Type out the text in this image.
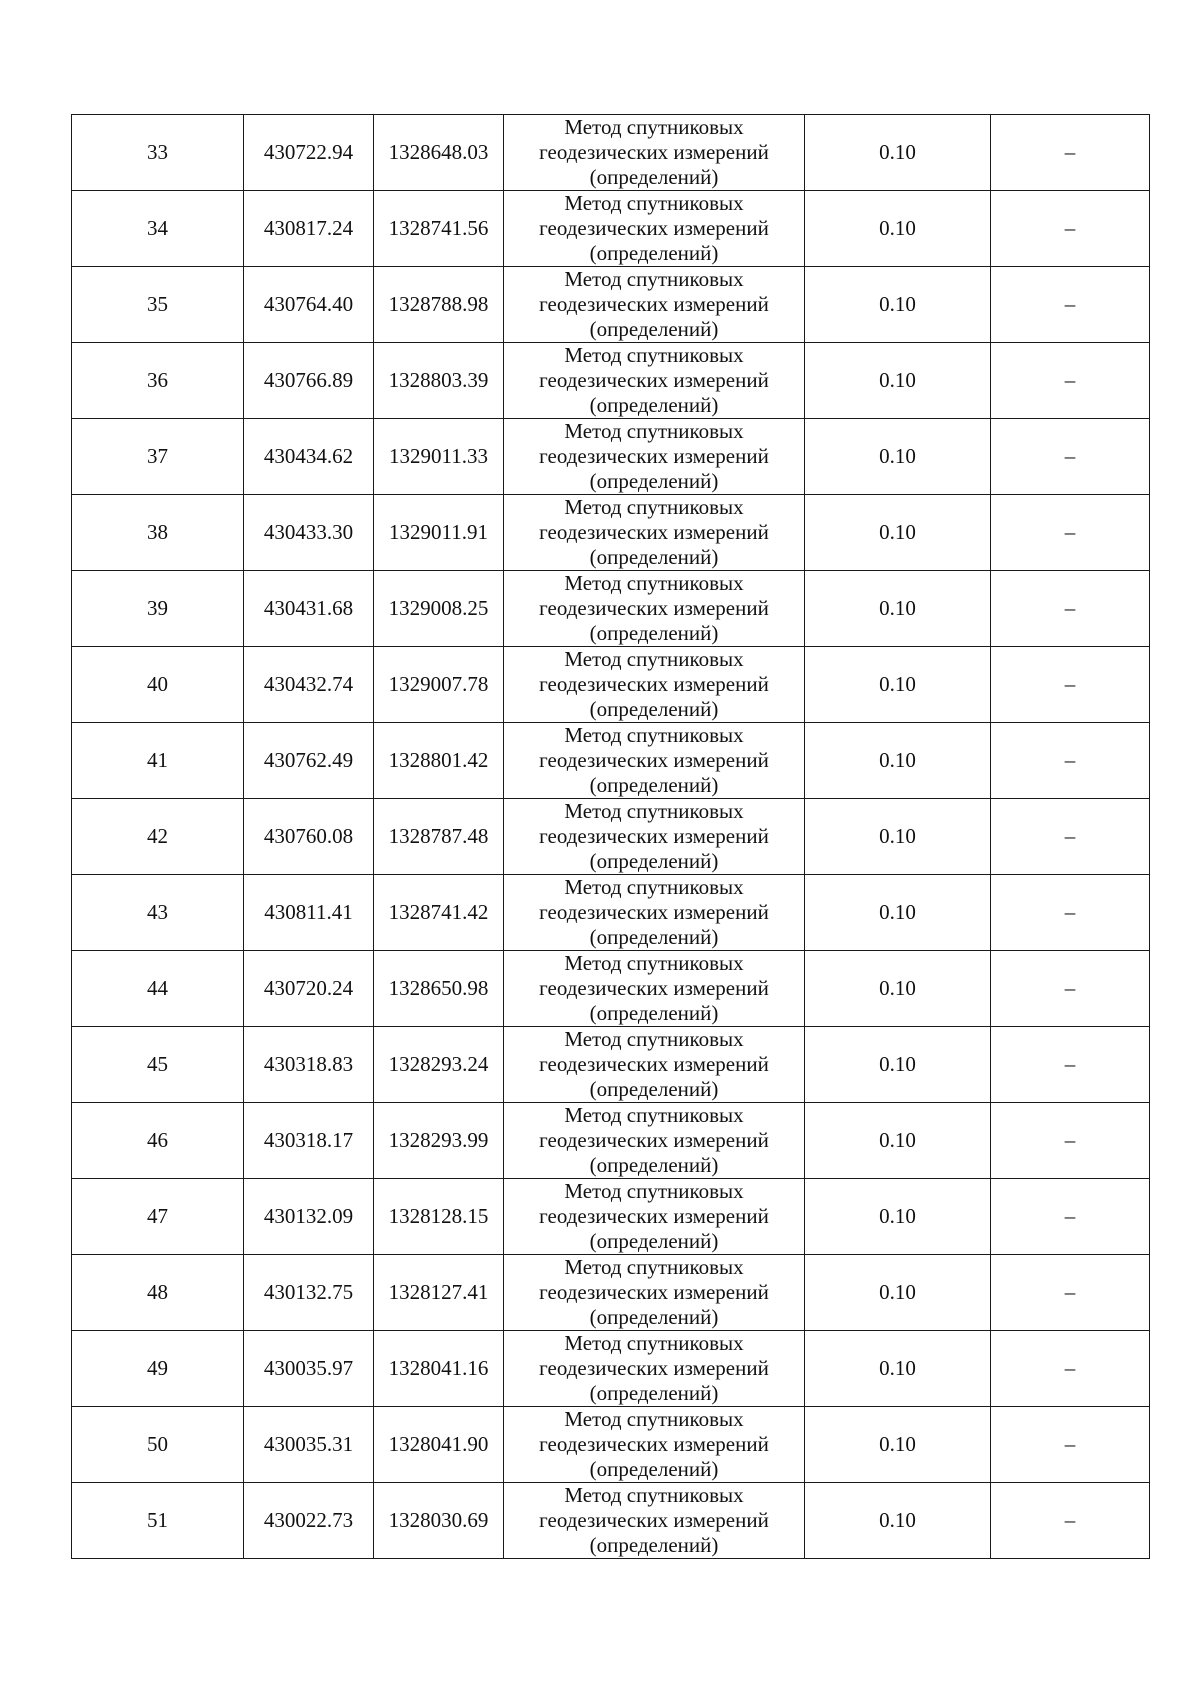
33	430722.94	1328648.03	Метод спутниковых
геодезических измерений
(определений)	0.10	–
34	430817.24	1328741.56	Метод спутниковых
геодезических измерений
(определений)	0.10	–
35	430764.40	1328788.98	Метод спутниковых
геодезических измерений
(определений)	0.10	–
36	430766.89	1328803.39	Метод спутниковых
геодезических измерений
(определений)	0.10	–
37	430434.62	1329011.33	Метод спутниковых
геодезических измерений
(определений)	0.10	–
38	430433.30	1329011.91	Метод спутниковых
геодезических измерений
(определений)	0.10	–
39	430431.68	1329008.25	Метод спутниковых
геодезических измерений
(определений)	0.10	–
40	430432.74	1329007.78	Метод спутниковых
геодезических измерений
(определений)	0.10	–
41	430762.49	1328801.42	Метод спутниковых
геодезических измерений
(определений)	0.10	–
42	430760.08	1328787.48	Метод спутниковых
геодезических измерений
(определений)	0.10	–
43	430811.41	1328741.42	Метод спутниковых
геодезических измерений
(определений)	0.10	–
44	430720.24	1328650.98	Метод спутниковых
геодезических измерений
(определений)	0.10	–
45	430318.83	1328293.24	Метод спутниковых
геодезических измерений
(определений)	0.10	–
46	430318.17	1328293.99	Метод спутниковых
геодезических измерений
(определений)	0.10	–
47	430132.09	1328128.15	Метод спутниковых
геодезических измерений
(определений)	0.10	–
48	430132.75	1328127.41	Метод спутниковых
геодезических измерений
(определений)	0.10	–
49	430035.97	1328041.16	Метод спутниковых
геодезических измерений
(определений)	0.10	–
50	430035.31	1328041.90	Метод спутниковых
геодезических измерений
(определений)	0.10	–
51	430022.73	1328030.69	Метод спутниковых
геодезических измерений
(определений)	0.10	–
